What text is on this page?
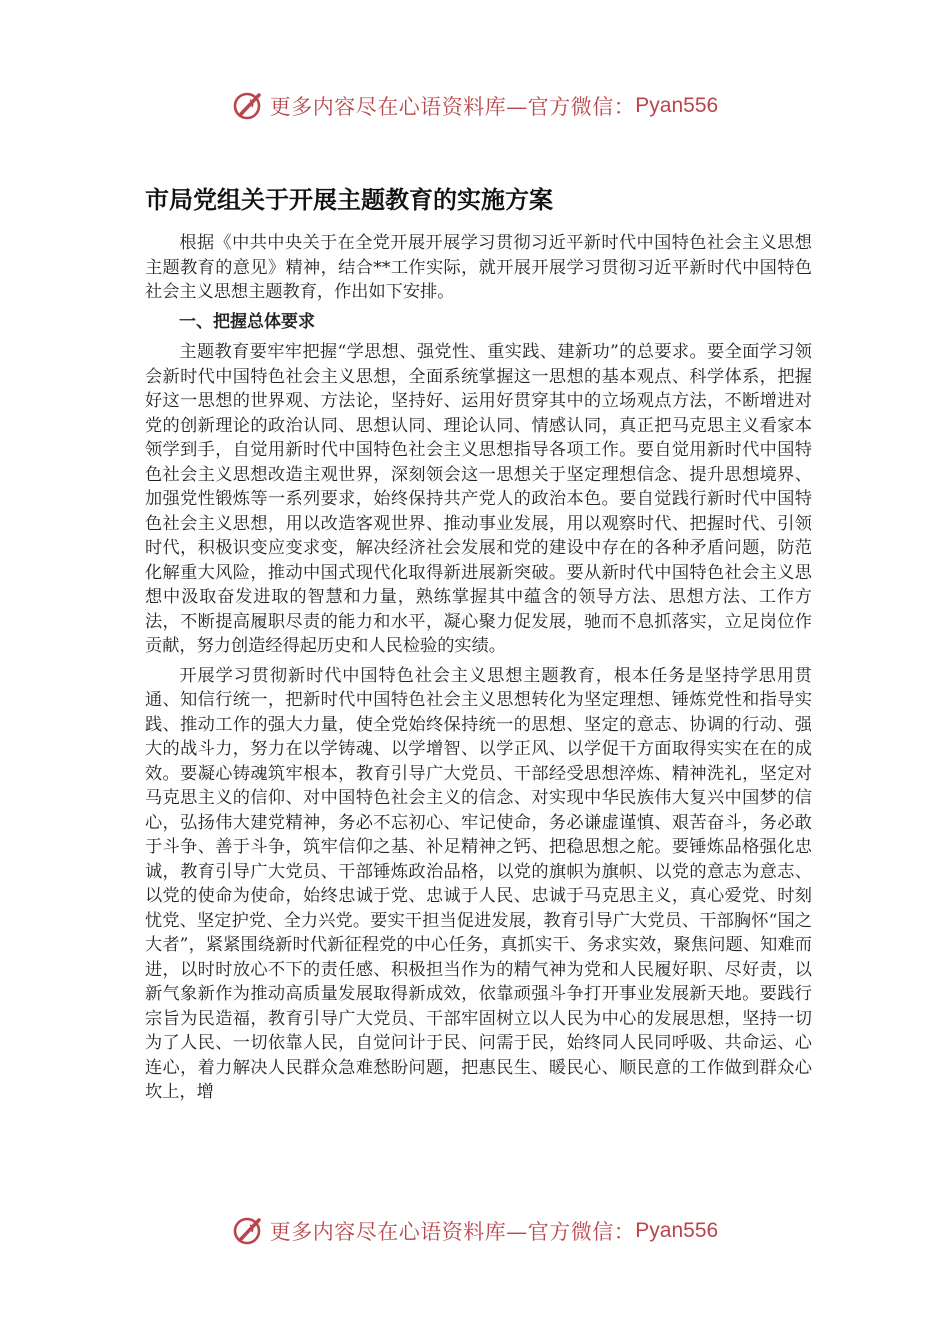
更多内容尽在心语资料库—官方微信： Pyan556
市局党组关于开展主题教育的实施方案

根据《中共中央关于在全党开展开展学习贯彻习近平新时代中国特色社会主义思想主题教育的意见》精神，结合**工作实际，就开展开展学习贯彻习近平新时代中国特色社会主义思想主题教育，作出如下安排。

一、把握总体要求

主题教育要牢牢把握“学思想、强党性、重实践、建新功”的总要求。要全面学习领会新时代中国特色社会主义思想，全面系统掌握这一思想的基本观点、科学体系，把握好这一思想的世界观、方法论，坚持好、运用好贯穿其中的立场观点方法，不断增进对党的创新理论的政治认同、思想认同、理论认同、情感认同，真正把马克思主义看家本领学到手，自觉用新时代中国特色社会主义思想指导各项工作。要自觉用新时代中国特色社会主义思想改造主观世界，深刻领会这一思想关于坚定理想信念、提升思想境界、加强党性锻炼等一系列要求，始终保持共产党人的政治本色。要自觉践行新时代中国特色社会主义思想，用以改造客观世界、推动事业发展，用以观察时代、把握时代、引领时代，积极识变应变求变，解决经济社会发展和党的建设中存在的各种矛盾问题，防范化解重大风险，推动中国式现代化取得新进展新突破。要从新时代中国特色社会主义思想中汲取奋发进取的智慧和力量，熟练掌握其中蕴含的领导方法、思想方法、工作方法，不断提高履职尽责的能力和水平，凝心聚力促发展，驰而不息抓落实，立足岗位作贡献，努力创造经得起历史和人民检验的实绩。

开展学习贯彻新时代中国特色社会主义思想主题教育，根本任务是坚持学思用贯通、知信行统一，把新时代中国特色社会主义思想转化为坚定理想、锤炼党性和指导实践、推动工作的强大力量，使全党始终保持统一的思想、坚定的意志、协调的行动、强大的战斗力，努力在以学铸魂、以学增智、以学正风、以学促干方面取得实实在在的成效。要凝心铸魂筑牢根本，教育引导广大党员、干部经受思想淬炼、精神洗礼，坚定对马克思主义的信仰、对中国特色社会主义的信念、对实现中华民族伟大复兴中国梦的信心，弘扬伟大建党精神，务必不忘初心、牢记使命，务必谦虚谨慎、艰苦奋斗，务必敢于斗争、善于斗争，筑牢信仰之基、补足精神之钙、把稳思想之舵。要锤炼品格强化忠诚，教育引导广大党员、干部锤炼政治品格，以党的旗帜为旗帜、以党的意志为意志、以党的使命为使命，始终忠诚于党、忠诚于人民、忠诚于马克思主义，真心爱党、时刻忧党、坚定护党、全力兴党。要实干担当促进发展，教育引导广大党员、干部胸怀“国之大者”，紧紧围绕新时代新征程党的中心任务，真抓实干、务求实效，聚焦问题、知难而进，以时时放心不下的责任感、积极担当作为的精气神为党和人民履好职、尽好责，以新气象新作为推动高质量发展取得新成效，依靠顽强斗争打开事业发展新天地。要践行宗旨为民造福，教育引导广大党员、干部牢固树立以人民为中心的发展思想，坚持一切为了人民、一切依靠人民，自觉问计于民、问需于民，始终同人民同呼吸、共命运、心连心，着力解决人民群众急难愁盼问题，把惠民生、暖民心、顺民意的工作做到群众心坎上，增

更多内容尽在心语资料库—官方微信： Pyan556
